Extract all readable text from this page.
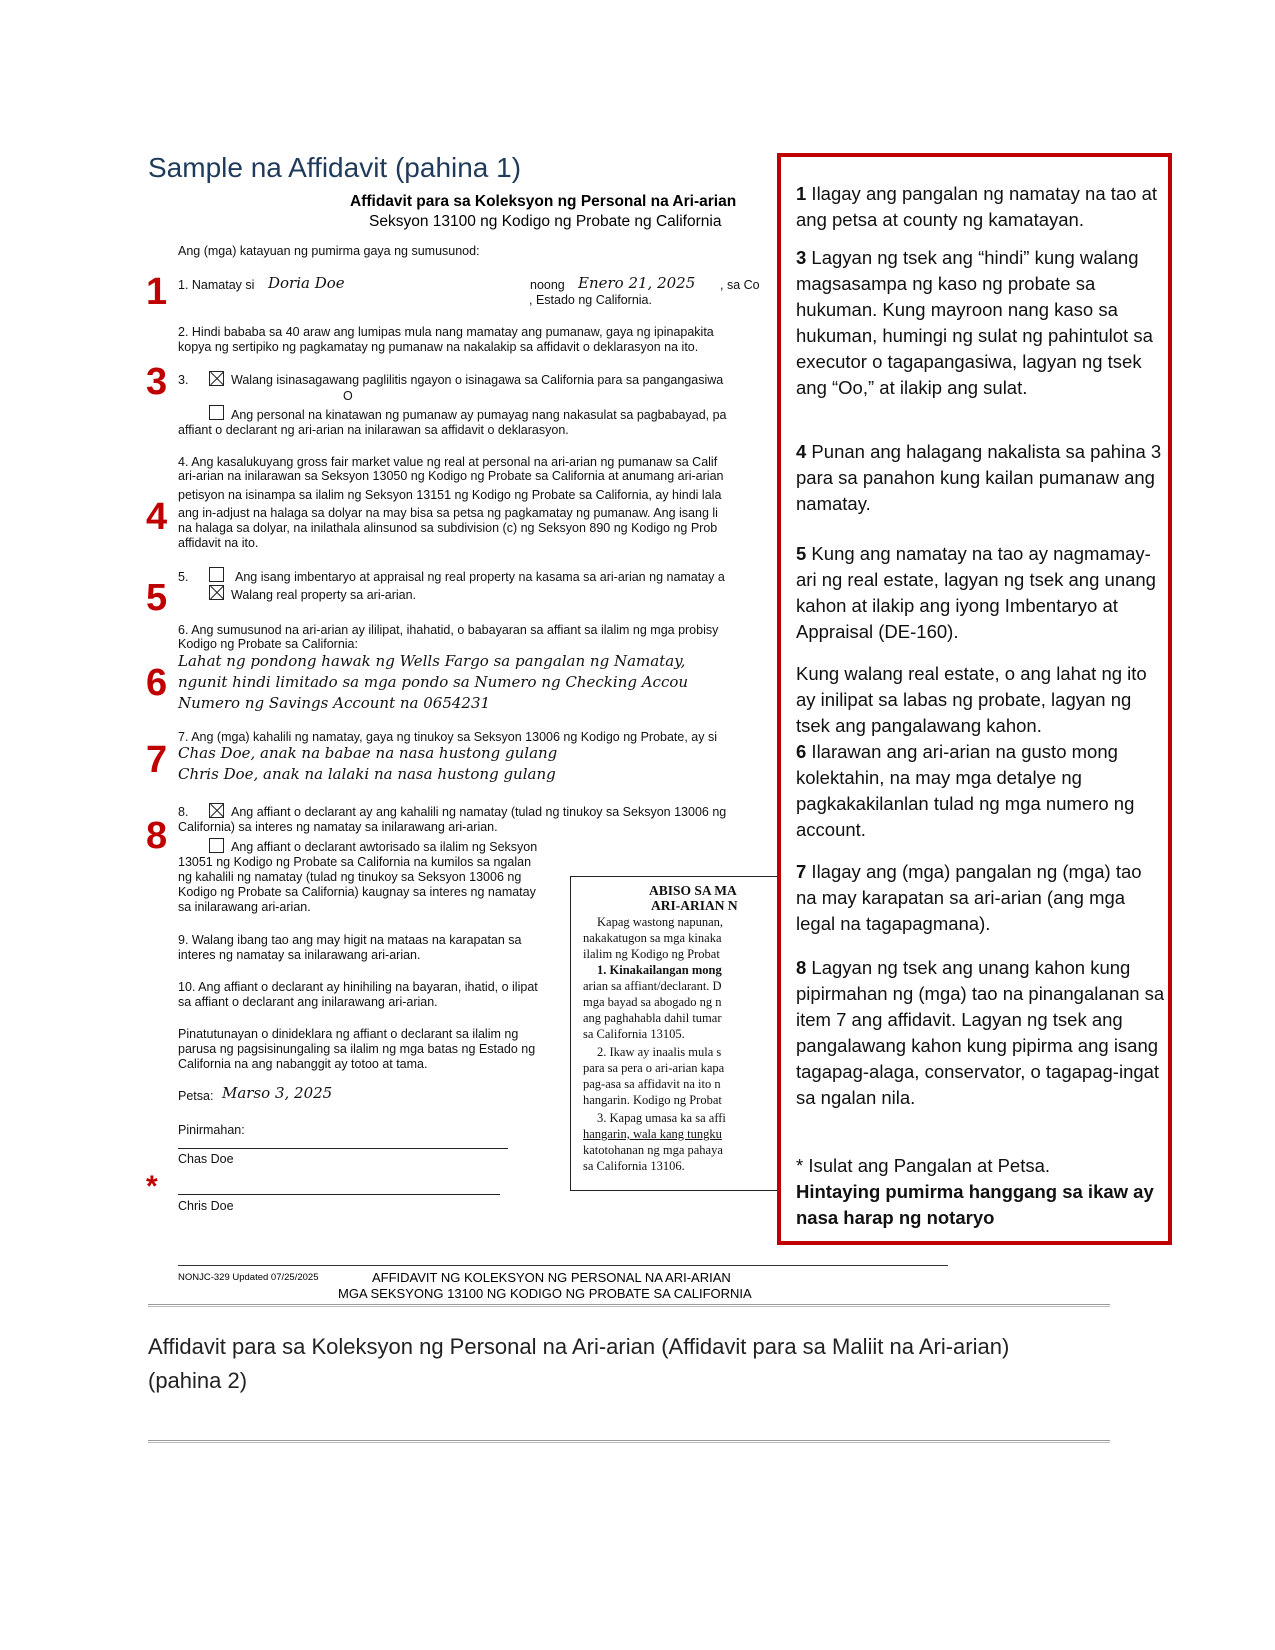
Sample na Affidavit (pahina 1)
Affidavit para sa Koleksyon ng Personal na Ari-arian
Seksyon 13100 ng Kodigo ng Probate ng California
1
3
4
5
6
7
8
*
Ang (mga) katayuan ng pumirma gaya ng sumusunod:
1. Namatay si Doria Doe	noong Enero 21, 2025 , sa Co
, Estado ng California.
2. Hindi bababa sa 40 araw ang lumipas mula nang mamatay ang pumanaw, gaya ng ipinapakita
kopya ng sertipiko ng pagkamatay ng pumanaw na nakalakip sa affidavit o deklarasyon na ito.
3.	Walang isinasagawang paglilitis ngayon o isinagawa sa California para sa pangangasiwa
O
Ang personal na kinatawan ng pumanaw ay pumayag nang nakasulat sa pagbabayad, pa
affiant o declarant ng ari-arian na inilarawan sa affidavit o deklarasyon.
4. Ang kasalukuyang gross fair market value ng real at personal na ari-arian ng pumanaw sa Calif
ari-arian na inilarawan sa Seksyon 13050 ng Kodigo ng Probate sa California at anumang ari-arian
petisyon na isinampa sa ilalim ng Seksyon 13151 ng Kodigo ng Probate sa California, ay hindi lala
ang in-adjust na halaga sa dolyar na may bisa sa petsa ng pagkamatay ng pumanaw. Ang isang li
na halaga sa dolyar, na inilathala alinsunod sa subdivision (c) ng Seksyon 890 ng Kodigo ng Prob
affidavit na ito.
5.	Ang isang imbentaryo at appraisal ng real property na kasama sa ari-arian ng namatay a
Walang real property sa ari-arian.
6. Ang sumusunod na ari-arian ay ililipat, ihahatid, o babayaran sa affiant sa ilalim ng mga probisy
Kodigo ng Probate sa California:
Lahat ng pondong hawak ng Wells Fargo sa pangalan ng Namatay,
ngunit hindi limitado sa mga pondo sa Numero ng Checking Accou
Numero ng Savings Account na 0654231
7. Ang (mga) kahalili ng namatay, gaya ng tinukoy sa Seksyon 13006 ng Kodigo ng Probate, ay si
Chas Doe, anak na babae na nasa hustong gulang
Chris Doe, anak na lalaki na nasa hustong gulang
8.	Ang affiant o declarant ay ang kahalili ng namatay (tulad ng tinukoy sa Seksyon 13006 ng
California) sa interes ng namatay sa inilarawang ari-arian.
Ang affiant o declarant awtorisado sa ilalim ng Seksyon
13051 ng Kodigo ng Probate sa California na kumilos sa ngalan
ng kahalili ng namatay (tulad ng tinukoy sa Seksyon 13006 ng
Kodigo ng Probate sa California) kaugnay sa interes ng namatay
sa inilarawang ari-arian.
9. Walang ibang tao ang may higit na mataas na karapatan sa
interes ng namatay sa inilarawang ari-arian.
10. Ang affiant o declarant ay hinihiling na bayaran, ihatid, o ilipat
sa affiant o declarant ang inilarawang ari-arian.
Pinatutunayan o dinideklara ng affiant o declarant sa ilalim ng
parusa ng pagsisinungaling sa ilalim ng mga batas ng Estado ng
California na ang nabanggit ay totoo at tama.
Petsa: Marso 3, 2025
Pinirmahan:
Chas Doe
Chris Doe
ABISO SA MA
ARI-ARIAN N
Kapag wastong napunan,
nakakatugon sa mga kinaka
ilalim ng Kodigo ng Probat
1. Kinakailangan mong
arian sa affiant/declarant. D
mga bayad sa abogado ng n
ang paghahabla dahil tumar
sa California 13105.
2. Ikaw ay inaalis mula s
para sa pera o ari-arian kapa
pag-asa sa affidavit na ito n
hangarin. Kodigo ng Probat
3. Kapag umasa ka sa affi
hangarin, wala kang tungku
katotohanan ng mga pahaya
sa California 13106.
NONJC-329 Updated 07/25/2025	AFFIDAVIT NG KOLEKSYON NG PERSONAL NA ARI-ARIAN
MGA SEKSYONG 13100 NG KODIGO NG PROBATE SA CALIFORNIA
Affidavit para sa Koleksyon ng Personal na Ari-arian (Affidavit para sa Maliit na Ari-arian) (pahina 2)
1 Ilagay ang pangalan ng namatay na tao at ang petsa at county ng kamatayan.
3 Lagyan ng tsek ang “hindi” kung walang magsasampa ng kaso ng probate sa hukuman. Kung mayroon nang kaso sa hukuman, humingi ng sulat ng pahintulot sa executor o tagapangasiwa, lagyan ng tsek ang “Oo,” at ilakip ang sulat.
4 Punan ang halagang nakalista sa pahina 3 para sa panahon kung kailan pumanaw ang namatay.
5 Kung ang namatay na tao ay nagmamay-ari ng real estate, lagyan ng tsek ang unang kahon at ilakip ang iyong Imbentaryo at Appraisal (DE-160).
Kung walang real estate, o ang lahat ng ito ay inilipat sa labas ng probate, lagyan ng tsek ang pangalawang kahon.
6 Ilarawan ang ari-arian na gusto mong kolektahin, na may mga detalye ng pagkakakilanlan tulad ng mga numero ng account.
7 Ilagay ang (mga) pangalan ng (mga) tao na may karapatan sa ari-arian (ang mga legal na tagapagmana).
8 Lagyan ng tsek ang unang kahon kung pipirmahan ng (mga) tao na pinangalanan sa item 7 ang affidavit. Lagyan ng tsek ang pangalawang kahon kung pipirma ang isang tagapag-alaga, conservator, o tagapag-ingat sa ngalan nila.
* Isulat ang Pangalan at Petsa.
Hintaying pumirma hanggang sa ikaw ay nasa harap ng notaryo
